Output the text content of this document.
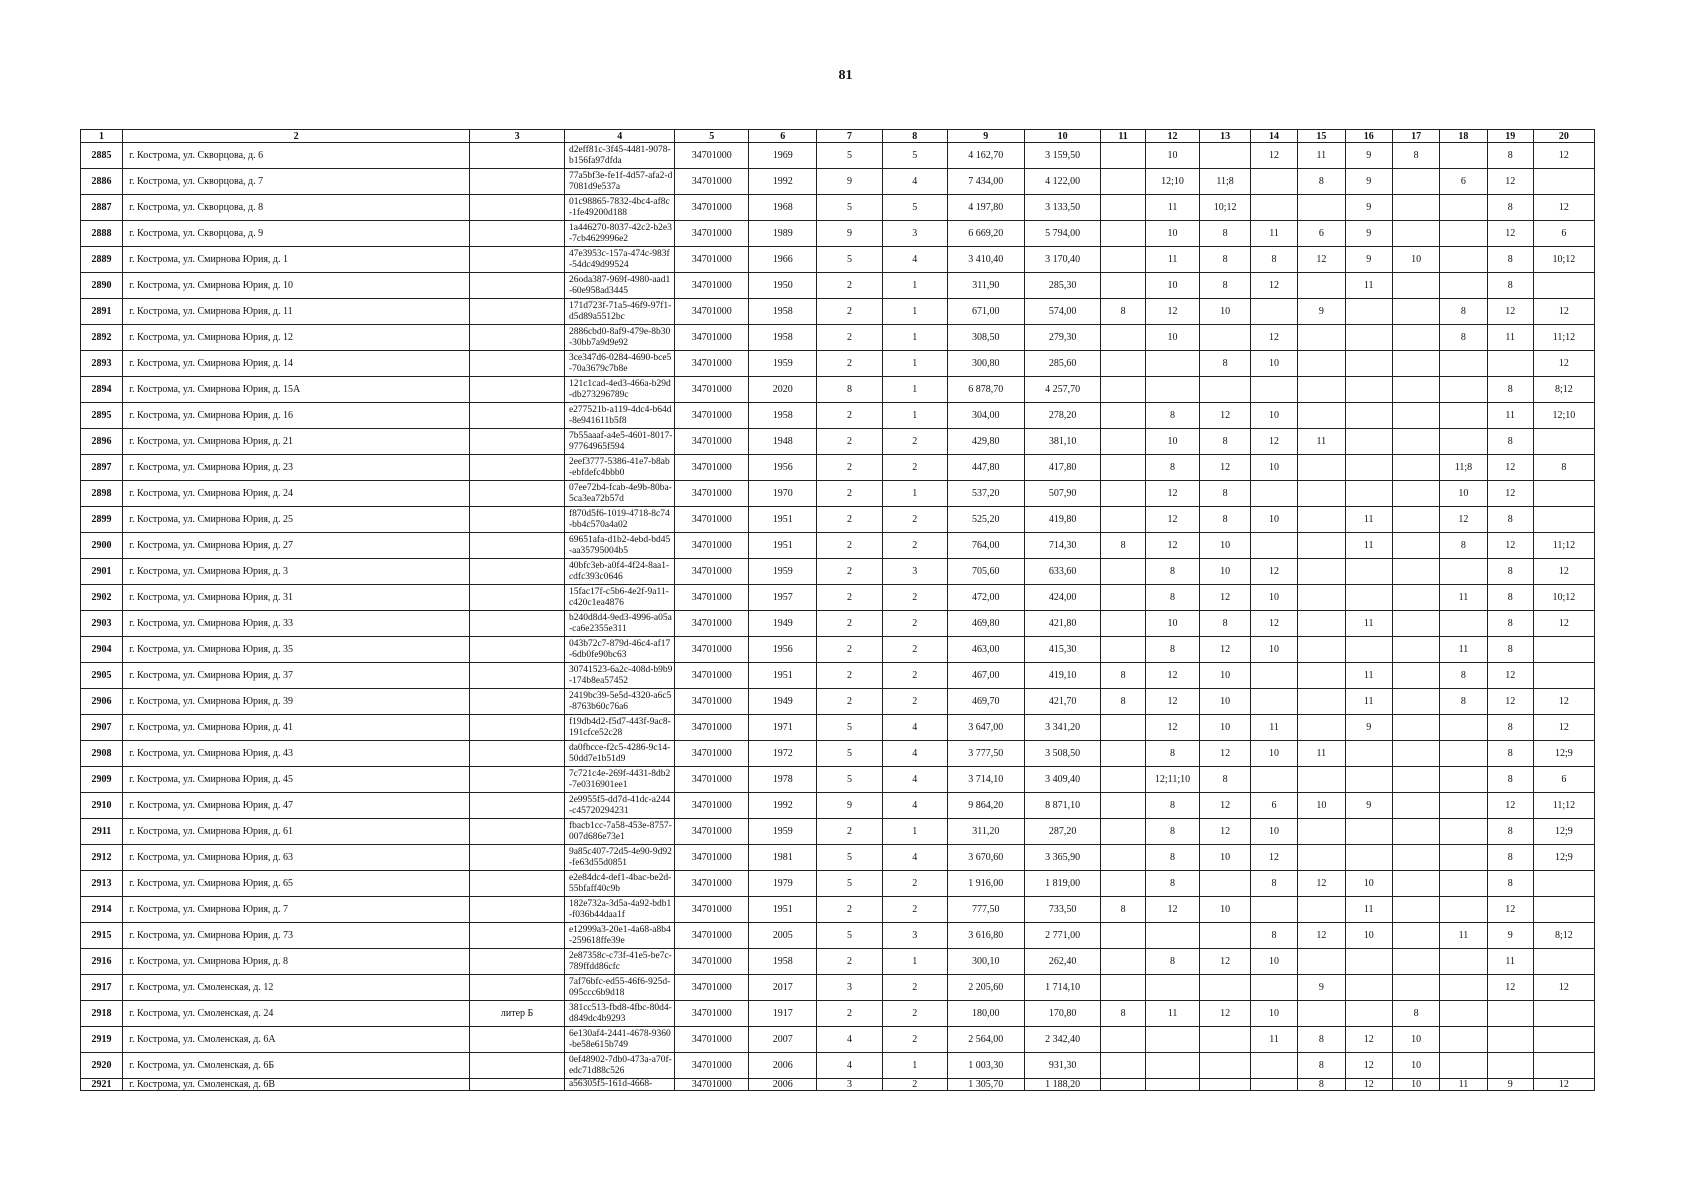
81
1	2	3	4	5	6	7	8	9	10	11	12	13	14	15	16	17	18	19	20
2885	г. Кострома, ул. Скворцова, д. 6		d2eff81c-3f45-4481-9078-b156fa97dfda	34701000	1969	5	5	4 162,70	3 159,50		10		12	11	9	8		8	12
2886	г. Кострома, ул. Скворцова, д. 7		77a5bf3e-fe1f-4d57-afa2-d7081d9e537a	34701000	1992	9	4	7 434,00	4 122,00		12;10	11;8		8	9		6	12	
2887	г. Кострома, ул. Скворцова, д. 8		01c98865-7832-4bc4-af8c-1fe49200d188	34701000	1968	5	5	4 197,80	3 133,50		11	10;12			9			8	12
2888	г. Кострома, ул. Скворцова, д. 9		1a446270-8037-42c2-b2e3-7cb4629996e2	34701000	1989	9	3	6 669,20	5 794,00		10	8	11	6	9			12	6
2889	г. Кострома, ул. Смирнова Юрия, д. 1		47e3953c-157a-474c-983f-54dc49d99524	34701000	1966	5	4	3 410,40	3 170,40		11	8	8	12	9	10		8	10;12
2890	г. Кострома, ул. Смирнова Юрия, д. 10		26oda387-969f-4980-aad1-60e958ad3445	34701000	1950	2	1	311,90	285,30		10	8	12		11			8	
2891	г. Кострома, ул. Смирнова Юрия, д. 11		171d723f-71a5-46f9-97f1-d5d89a5512bc	34701000	1958	2	1	671,00	574,00	8	12	10		9			8	12	12
2892	г. Кострома, ул. Смирнова Юрия, д. 12		2886cbd0-8af9-479e-8b30-30bb7a9d9e92	34701000	1958	2	1	308,50	279,30		10		12				8	11	11;12
2893	г. Кострома, ул. Смирнова Юрия, д. 14		3ce347d6-0284-4690-bce5-70a3679c7b8e	34701000	1959	2	1	300,80	285,60			8	10						12
2894	г. Кострома, ул. Смирнова Юрия, д. 15А		121c1cad-4ed3-466a-b29d-db273296789c	34701000	2020	8	1	6 878,70	4 257,70									8	8;12
2895	г. Кострома, ул. Смирнова Юрия, д. 16		e277521b-a119-4dc4-b64d-8e941611b5f8	34701000	1958	2	1	304,00	278,20		8	12	10					11	12;10
2896	г. Кострома, ул. Смирнова Юрия, д. 21		7b55aaaf-a4e5-4601-8017-97764965f594	34701000	1948	2	2	429,80	381,10		10	8	12	11				8	
2897	г. Кострома, ул. Смирнова Юрия, д. 23		2eef3777-5386-41e7-b8ab-ebfdefc4bbb0	34701000	1956	2	2	447,80	417,80		8	12	10				11;8	12	8
2898	г. Кострома, ул. Смирнова Юрия, д. 24		07ee72b4-fcab-4e9b-80ba-5ca3ea72b57d	34701000	1970	2	1	537,20	507,90		12	8					10	12	
2899	г. Кострома, ул. Смирнова Юрия, д. 25		f870d5f6-1019-4718-8c74-bb4c570a4a02	34701000	1951	2	2	525,20	419,80		12	8	10		11		12	8	
2900	г. Кострома, ул. Смирнова Юрия, д. 27		69651afa-d1b2-4ebd-bd45-aa35795004b5	34701000	1951	2	2	764,00	714,30	8	12	10			11		8	12	11;12
2901	г. Кострома, ул. Смирнова Юрия, д. 3		40bfc3eb-a0f4-4f24-8aa1-cdfc393c0646	34701000	1959	2	3	705,60	633,60		8	10	12					8	12
2902	г. Кострома, ул. Смирнова Юрия, д. 31		15fac17f-c5b6-4e2f-9a11-c420c1ea4876	34701000	1957	2	2	472,00	424,00		8	12	10				11	8	10;12
2903	г. Кострома, ул. Смирнова Юрия, д. 33		b240d8d4-9ed3-4996-a05a-ca6e2355e311	34701000	1949	2	2	469,80	421,80		10	8	12		11			8	12
2904	г. Кострома, ул. Смирнова Юрия, д. 35		043b72c7-879d-46c4-af17-6db0fe90bc63	34701000	1956	2	2	463,00	415,30		8	12	10				11	8	
2905	г. Кострома, ул. Смирнова Юрия, д. 37		30741523-6a2c-408d-b9b9-174b8ea57452	34701000	1951	2	2	467,00	419,10	8	12	10			11		8	12	
2906	г. Кострома, ул. Смирнова Юрия, д. 39		2419bc39-5e5d-4320-a6c5-8763b60c76a6	34701000	1949	2	2	469,70	421,70	8	12	10			11		8	12	12
2907	г. Кострома, ул. Смирнова Юрия, д. 41		f19db4d2-f5d7-443f-9ac8-191cfce52c28	34701000	1971	5	4	3 647,00	3 341,20		12	10	11		9			8	12
2908	г. Кострома, ул. Смирнова Юрия, д. 43		da0fbcce-f2c5-4286-9c14-50dd7e1b51d9	34701000	1972	5	4	3 777,50	3 508,50		8	12	10	11				8	12;9
2909	г. Кострома, ул. Смирнова Юрия, д. 45		7c721c4e-269f-4431-8db2-7e0316901ee1	34701000	1978	5	4	3 714,10	3 409,40		12;11;10	8						8	6
2910	г. Кострома, ул. Смирнова Юрия, д. 47		2e9955f5-dd7d-41dc-a244-c45720294231	34701000	1992	9	4	9 864,20	8 871,10		8	12	6	10	9			12	11;12
2911	г. Кострома, ул. Смирнова Юрия, д. 61		fbacb1cc-7a58-453e-8757-007d686e73e1	34701000	1959	2	1	311,20	287,20		8	12	10					8	12;9
2912	г. Кострома, ул. Смирнова Юрия, д. 63		9a85c407-72d5-4e90-9d92-fe63d55d0851	34701000	1981	5	4	3 670,60	3 365,90		8	10	12					8	12;9
2913	г. Кострома, ул. Смирнова Юрия, д. 65		e2e84dc4-def1-4bac-be2d-55bfaff40c9b	34701000	1979	5	2	1 916,00	1 819,00		8		8	12	10			8	
2914	г. Кострома, ул. Смирнова Юрия, д. 7		182e732a-3d5a-4a92-bdb1-f036b44daa1f	34701000	1951	2	2	777,50	733,50	8	12	10			11			12	
2915	г. Кострома, ул. Смирнова Юрия, д. 73		e12999a3-20e1-4a68-a8b4-259618ffe39e	34701000	2005	5	3	3 616,80	2 771,00				8	12	10		11	9	8;12
2916	г. Кострома, ул. Смирнова Юрия, д. 8		2e87358c-c73f-41e5-be7c-789ffdd86cfc	34701000	1958	2	1	300,10	262,40		8	12	10					11	
2917	г. Кострома, ул. Смоленская, д. 12		7af76bfc-ed55-46f6-925d-095ccc6b9d18	34701000	2017	3	2	2 205,60	1 714,10					9				12	12
2918	г. Кострома, ул. Смоленская, д. 24	литер Б	381cc513-fbd8-4fbc-80d4-d849dc4b9293	34701000	1917	2	2	180,00	170,80	8	11	12	10			8			
2919	г. Кострома, ул. Смоленская, д. 6А		6e130af4-2441-4678-9360-be58e615b749	34701000	2007	4	2	2 564,00	2 342,40				11	8	12	10			
2920	г. Кострома, ул. Смоленская, д. 6Б		0ef48902-7db0-473a-a70f-edc71d88c526	34701000	2006	4	1	1 003,30	931,30					8	12	10			
2921	г. Кострома, ул. Смоленская, д. 6В		a56305f5-161d-4668-	34701000	2006	3	2	1 305,70	1 188,20					8	12	10	11	9	12
